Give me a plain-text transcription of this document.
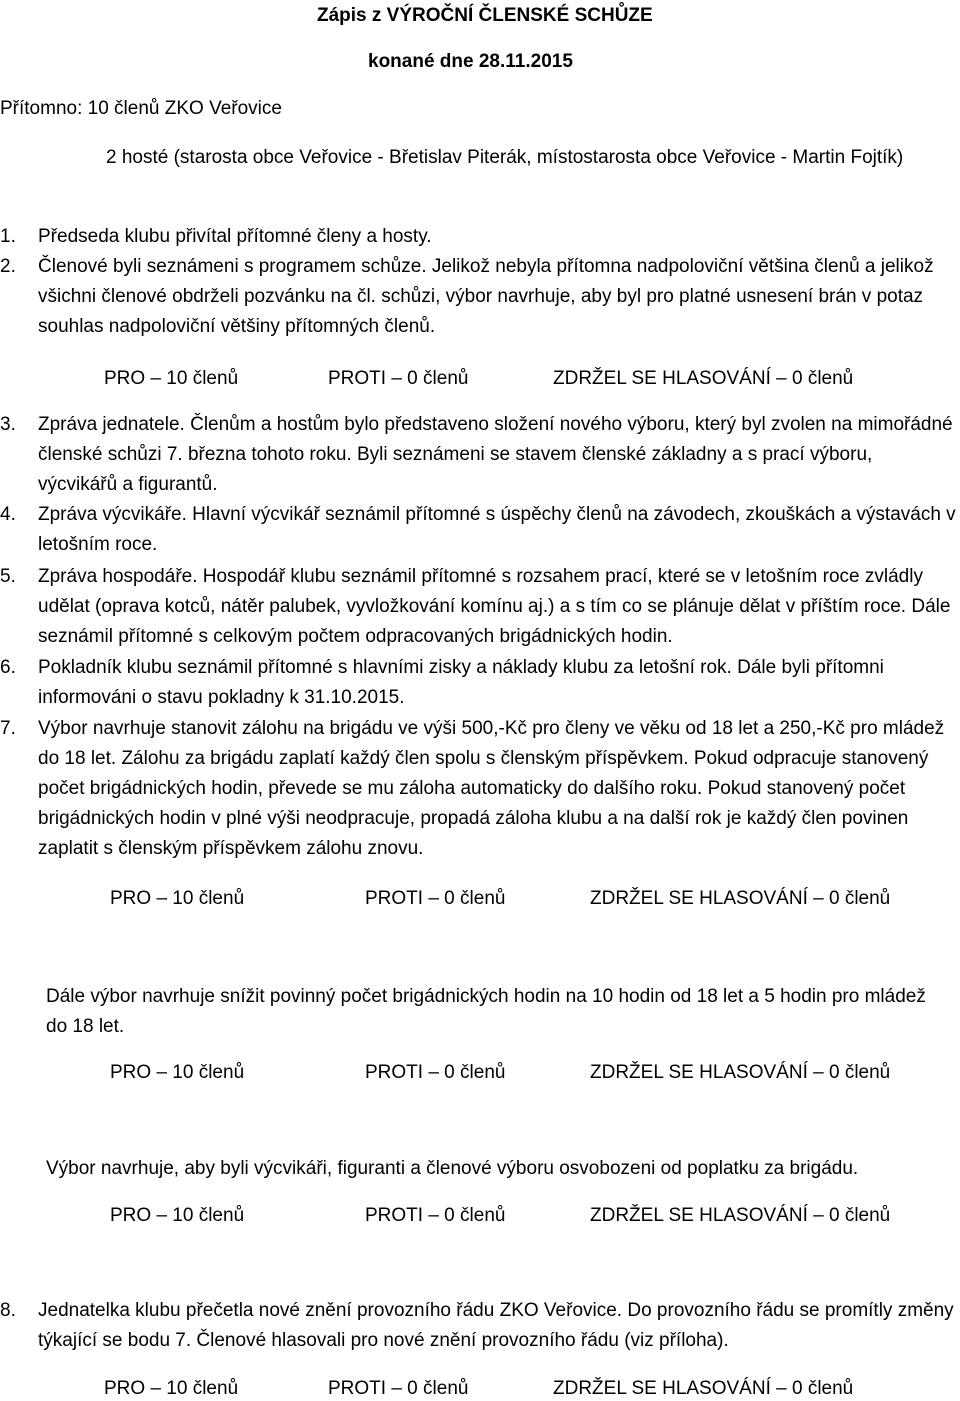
Zápis z VÝROČNÍ ČLENSKÉ SCHŮZE
konané dne 28.11.2015
Přítomno: 10 členů ZKO Veřovice
2 hosté (starosta obce Veřovice - Břetislav Piterák, místostarosta obce Veřovice - Martin Fojtík)
1. Předseda klubu přivítal přítomné členy a hosty.
2. Členové byli seznámeni s programem schůze. Jelikož nebyla přítomna nadpoloviční většina členů a jelikož všichni členové obdrželi pozvánku na čl. schůzi, výbor navrhuje, aby byl pro platné usnesení brán v potaz souhlas nadpoloviční většiny přítomných členů.
PRO – 10 členů	PROTI – 0 členů	ZDRŽEL SE HLASOVÁNÍ – 0 členů
3. Zpráva jednatele. Členům a hostům bylo představeno složení nového výboru, který byl zvolen na mimořádné členské schůzi 7. března tohoto roku. Byli seznámeni se stavem členské základny a s prací výboru, výcvikářů a figurantů.
4. Zpráva výcvikáře. Hlavní výcvikář seznámil přítomné s úspěchy členů na závodech, zkouškách a výstavách v letošním roce.
5. Zpráva hospodáře. Hospodář klubu seznámil přítomné s rozsahem prací, které se v letošním roce zvládly udělat (oprava kotců, nátěr palubek, vyvložkování komínu aj.) a s tím co se plánuje dělat v příštím roce. Dále seznámil přítomné s celkovým počtem odpracovaných brigádnických hodin.
6. Pokladník klubu seznámil přítomné s hlavními zisky a náklady klubu za letošní rok. Dále byli přítomni informováni o stavu pokladny k 31.10.2015.
7. Výbor navrhuje stanovit zálohu na brigádu ve výši 500,-Kč pro členy ve věku od 18 let a 250,-Kč pro mládež do 18 let. Zálohu za brigádu zaplatí každý člen spolu s členským příspěvkem. Pokud odpracuje stanovený počet brigádnických hodin, převede se mu záloha automaticky do dalšího roku. Pokud stanovený počet brigádnických hodin v plné výši neodpracuje, propadá záloha klubu a na další rok je každý člen povinen zaplatit s členským příspěvkem zálohu znovu.
PRO – 10 členů	PROTI – 0 členů	ZDRŽEL SE HLASOVÁNÍ – 0 členů
Dále výbor navrhuje snížit povinný počet brigádnických hodin na 10 hodin od 18 let a 5 hodin pro mládež do 18 let.
PRO – 10 členů	PROTI – 0 členů	ZDRŽEL SE HLASOVÁNÍ – 0 členů
Výbor navrhuje, aby byli výcvikáři, figuranti a členové výboru osvobozeni od poplatku za brigádu.
PRO – 10 členů	PROTI – 0 členů	ZDRŽEL SE HLASOVÁNÍ – 0 členů
8. Jednatelka klubu přečetla nové znění provozního řádu ZKO Veřovice. Do provozního řádu se promítly změny týkající se bodu 7. Členové hlasovali pro nové znění provozního řádu (viz příloha).
PRO – 10 členů	PROTI – 0 členů	ZDRŽEL SE HLASOVÁNÍ – 0 členů
